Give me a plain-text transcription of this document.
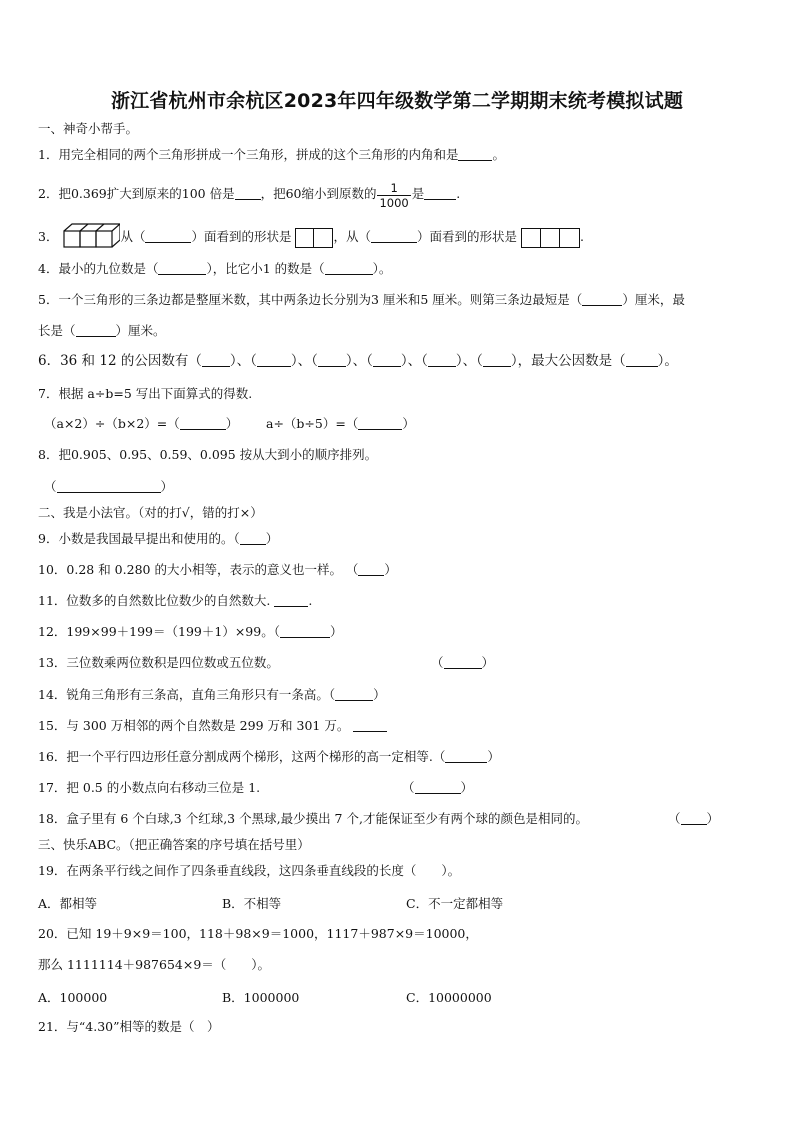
浙江省杭州市余杭区2023年四年级数学第二学期期末统考模拟试题
一、神奇小帮手。
1．用完全相同的两个三角形拼成一个三角形，拼成的这个三角形的内角和是	。
2．把0.369扩大到原来的100 倍是 ，把60缩小到原数的 $\frac{1}{1000}$ 是	.
3．	从（	）面看到的形状是	，从（	）面看到的形状是	.
4．最小的九位数是（	），比它小1 的数是（	）。
5．一个三角形的三条边都是整厘米数，其中两条边长分别为3 厘米和5 厘米。则第三条边最短是（	）厘米，最
长是（	）厘米。
6．36 和 12 的公因数有（ ）、（	）、（ ）、（ ）、（ ）、（ ），最大公因数是（ ）。
7．根据 a÷b=5 写出下面算式的得数.
（a×2）÷（b×2）=（	） a÷（b÷5）=（	）
8．把0.905、0.95、0.59、0.095 按从大到小的顺序排列。
（	）
二、我是小法官。（对的打√，错的打×）
9．小数是我国最早提出和使用的。（ ）
10．0.28 和 0.280 的大小相等，表示的意义也一样。 （ ）
11．位数多的自然数比位数少的自然数大.	.
12．199×99＋199＝（199＋1）×99。（	）
13．三位数乘两位数积是四位数或五位数。	（	）
14．锐角三角形有三条高，直角三角形只有一条高。（	）
15．与 300 万相邻的两个自然数是 299 万和 301 万。
16．把一个平行四边形任意分割成两个梯形，这两个梯形的高一定相等.（	）
17．把 0.5 的小数点向右移动三位是 1.	（	）
18．盒子里有 6 个白球,3 个红球,3 个黑球,最少摸出 7 个,才能保证至少有两个球的颜色是相同的。	（ ）
三、快乐ABC。（把正确答案的序号填在括号里）
19．在两条平行线之间作了四条垂直线段，这四条垂直线段的长度（　　）。
A．都相等	B．不相等	C．不一定都相等
20．已知 19＋9×9＝100，118＋98×9＝1000，1117＋987×9＝10000，
那么 1111114＋987654×9＝（　　）。
A．100000	B．1000000	C．10000000
21．与“4.30”相等的数是（　）
